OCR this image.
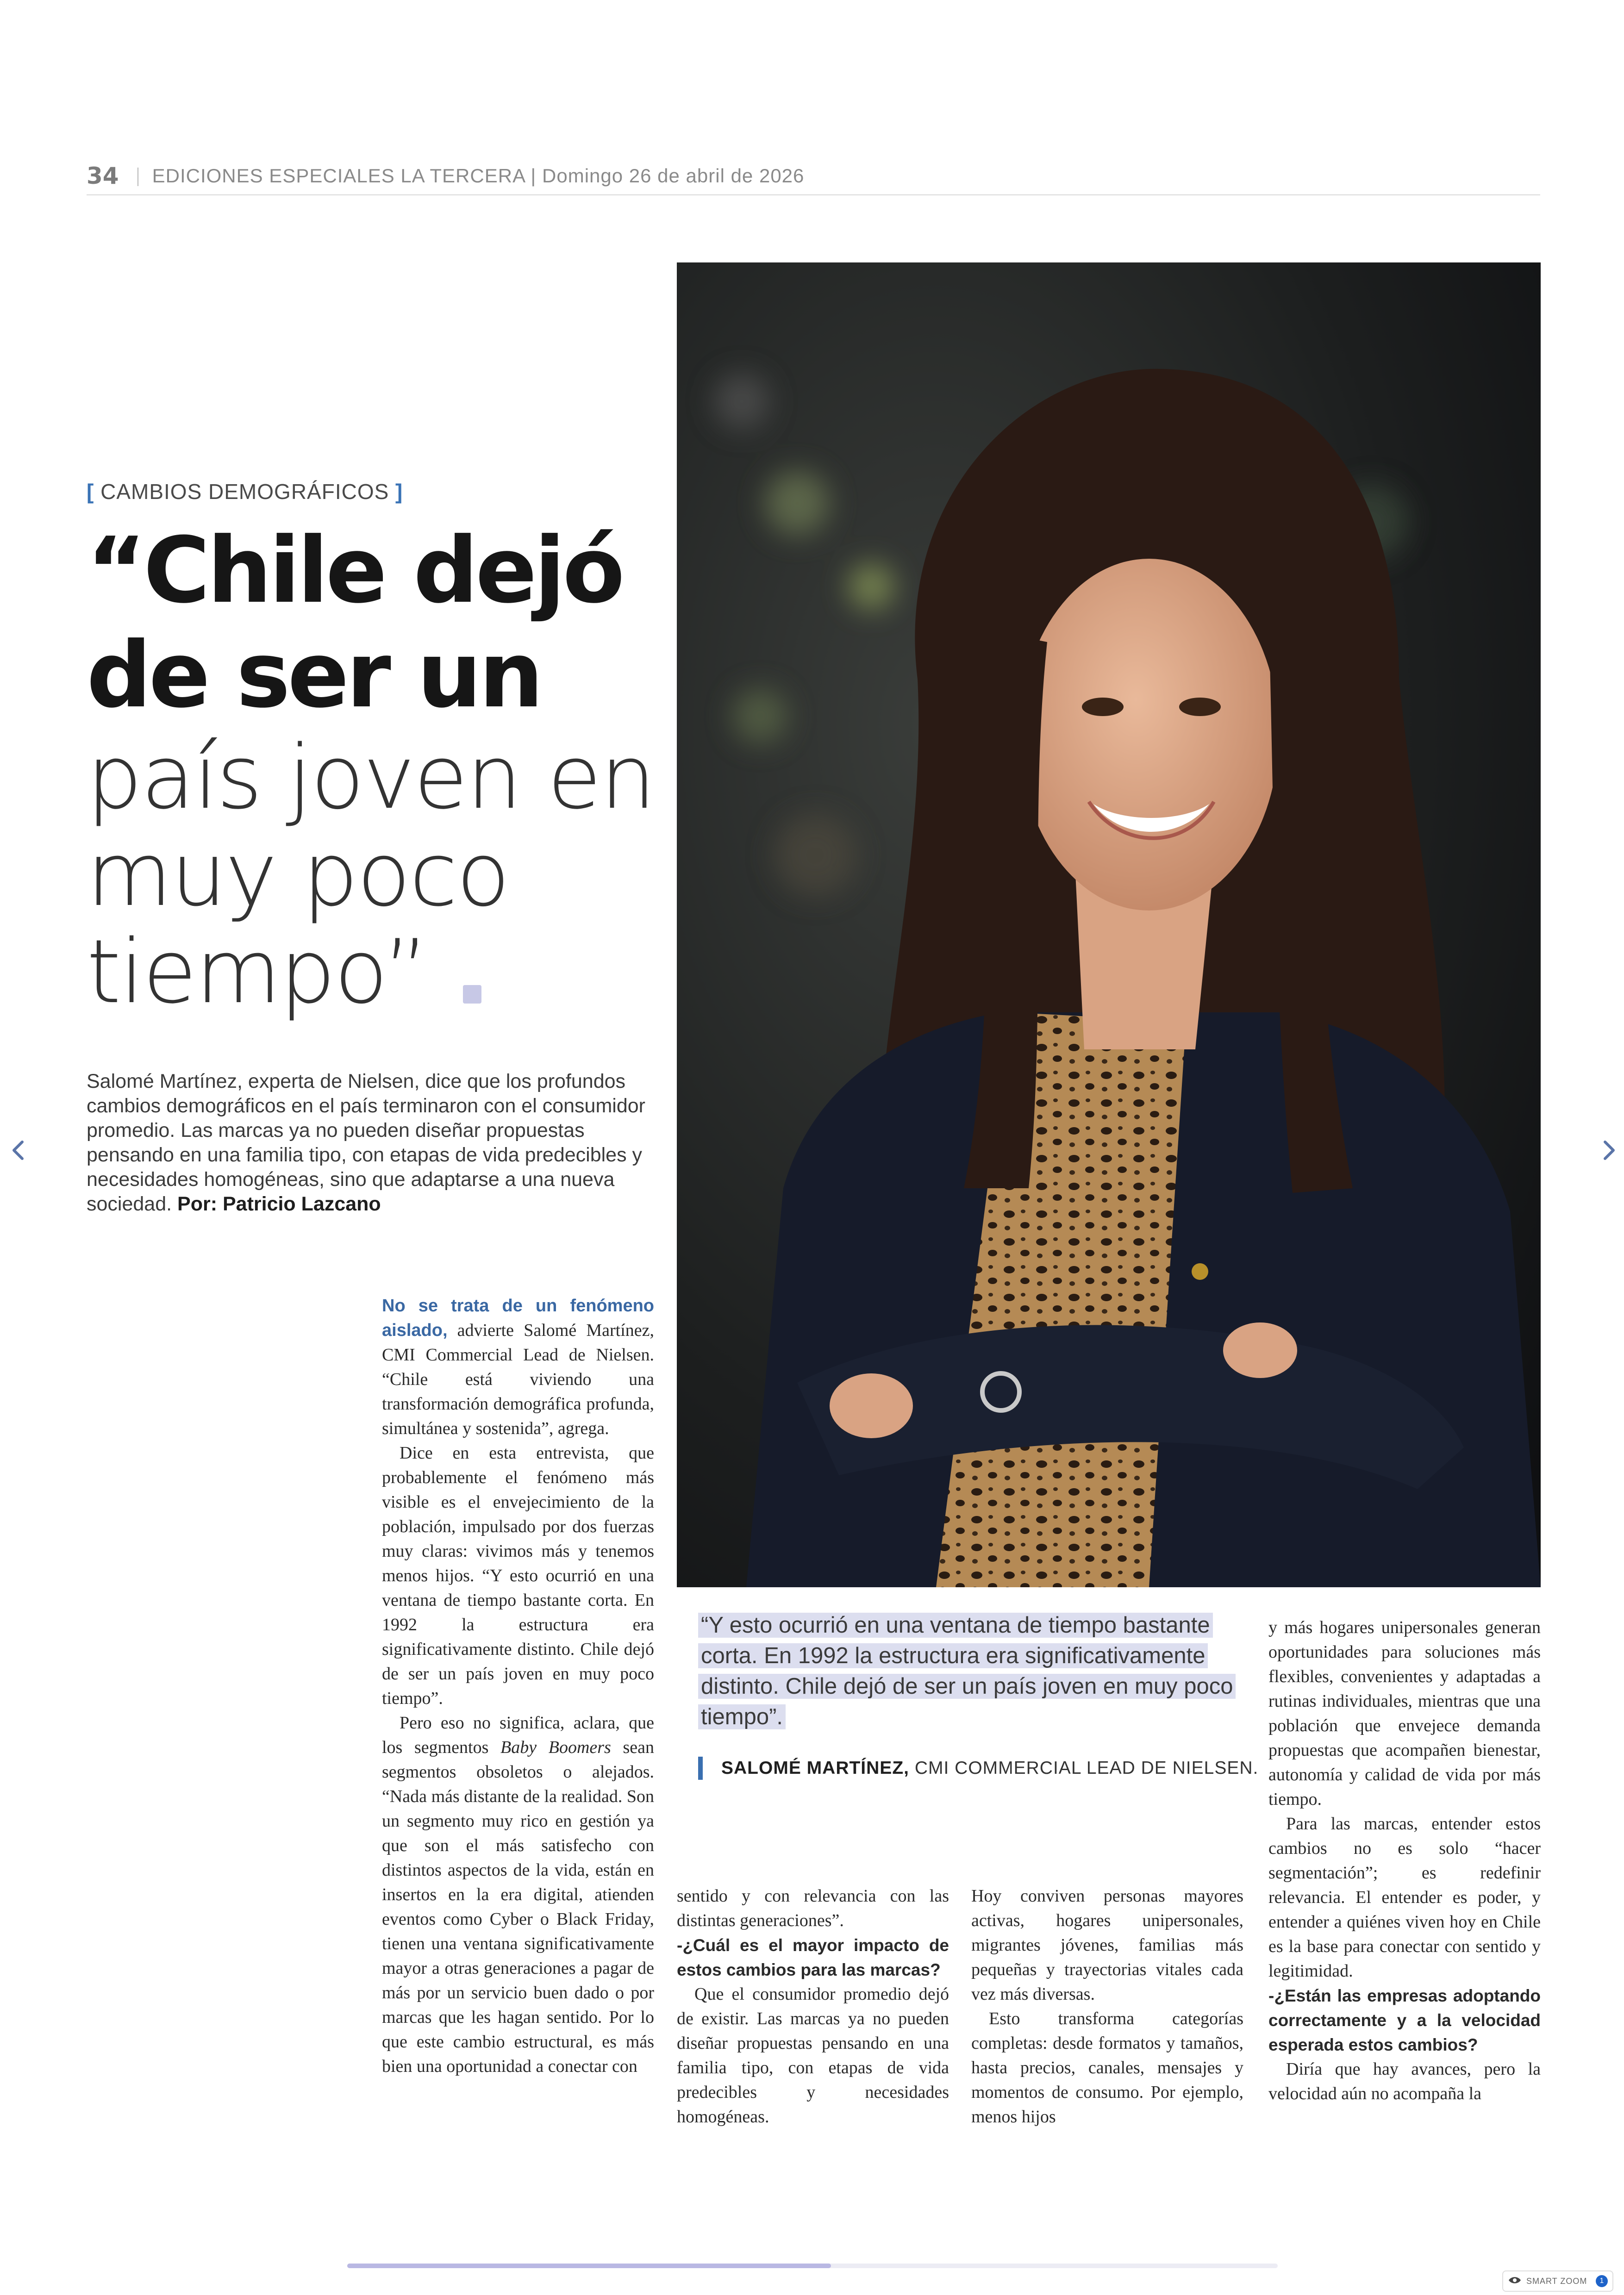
34 EDICIONES ESPECIALES LA TERCERA | Domingo 26 de abril de 2026
[ CAMBIOS DEMOGRÁFICOS ]
“Chile dejó
de ser un
país joven en
muy poco
tiempo”
Salomé Martínez, experta de Nielsen, dice que los profundos cambios demográficos en el país terminaron con el consumidor promedio. Las marcas ya no pueden diseñar propuestas pensando en una familia tipo, con etapas de vida predecibles y necesidades homogéneas, sino que adaptarse a una nueva sociedad. Por: Patricio Lazcano

No se trata de un fenómeno aislado, advierte Salomé Martínez, CMI Commercial Lead de Nielsen. “Chile está viviendo una transformación demográfica profunda, simultánea y sostenida”, agrega.

Dice en esta entrevista, que probablemente el fenómeno más visible es el envejecimiento de la población, impulsado por dos fuerzas muy claras: vivimos más y tenemos menos hijos. “Y esto ocurrió en una ventana de tiempo bastante corta. En 1992 la estructura era significativamente distinto. Chile dejó de ser un país joven en muy poco tiempo”.

Pero eso no significa, aclara, que los segmentos Baby Boomers sean segmentos obsoletos o alejados. “Nada más distante de la realidad. Son un segmento muy rico en gestión ya que son el más satisfecho con distintos aspectos de la vida, están en insertos en la era digital, atienden eventos como Cyber o Black Friday, tienen una ventana significativamente mayor a otras generaciones a pagar de más por un servicio buen dado o por marcas que les hagan sentido. Por lo que este cambio estructural, es más bien una oportunidad a conectar con

sentido y con relevancia con las distintas generaciones”.

-¿Cuál es el mayor impacto de estos cambios para las marcas?

Que el consumidor promedio dejó de existir. Las marcas ya no pueden diseñar propuestas pensando en una familia tipo, con etapas de vida predecibles y necesidades homogéneas.

Hoy conviven personas mayores activas, hogares unipersonales, migrantes jóvenes, familias más pequeñas y trayectorias vitales cada vez más diversas.

Esto transforma categorías completas: desde formatos y tamaños, hasta precios, canales, mensajes y momentos de consumo. Por ejemplo, menos hijos

y más hogares unipersonales generan oportunidades para soluciones más flexibles, convenientes y adaptadas a rutinas individuales, mientras que una población que envejece demanda propuestas que acompañen bienestar, autonomía y calidad de vida por más tiempo.

Para las marcas, entender estos cambios no es solo “hacer segmentación”; es redefinir relevancia. El entender es poder, y entender a quiénes viven hoy en Chile es la base para conectar con sentido y legitimidad.

-¿Están las empresas adoptando correctamente y a la velocidad esperada estos cambios?

Diría que hay avances, pero la velocidad aún no acompaña la

“Y esto ocurrió en una ventana de tiempo bastante corta. En 1992 la estructura era significativamente distinto. Chile dejó de ser un país joven en muy poco tiempo”.
SALOMÉ MARTÍNEZ, CMI COMMERCIAL LEAD DE NIELSEN.
SMART ZOOM	1
